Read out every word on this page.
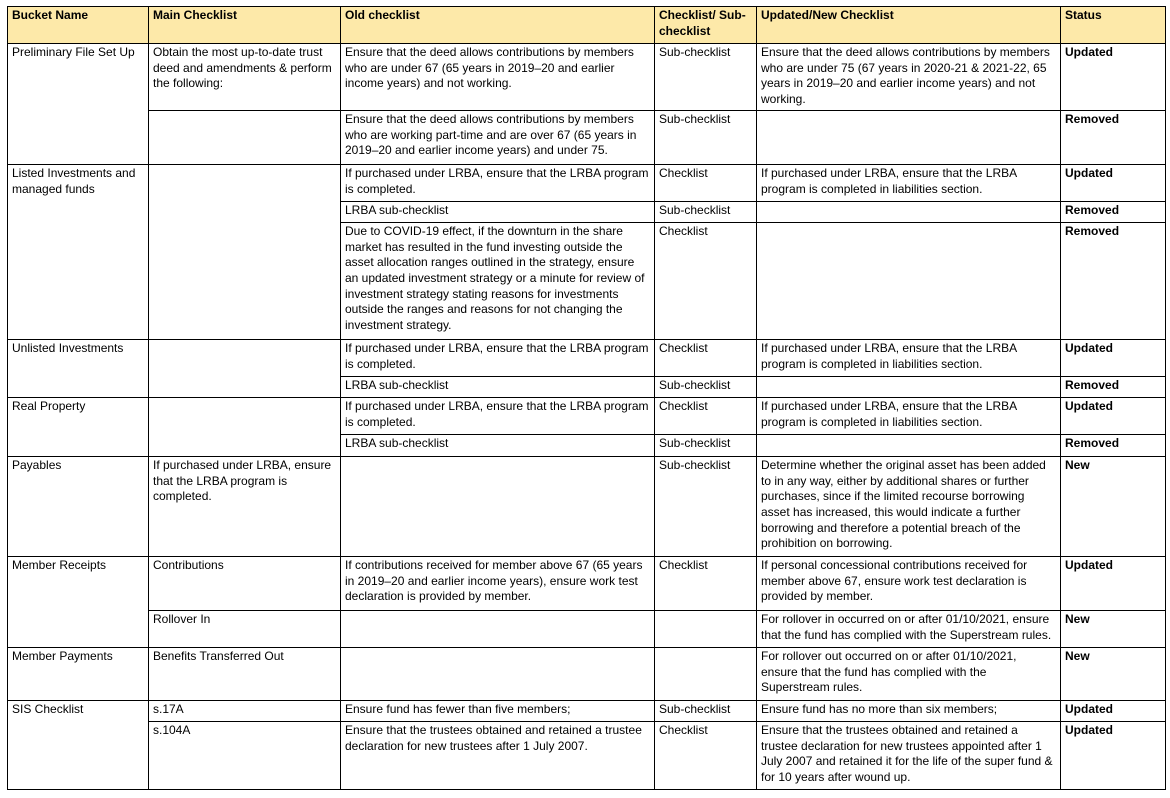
Bucket Name	Main Checklist	Old checklist	Checklist/ Sub-checklist	Updated/New Checklist	Status
Preliminary File Set Up	Obtain the most up-to-date trust deed and amendments & perform the following:	Ensure that the deed allows contributions by members who are under 67 (65 years in 2019–20 and earlier income years) and not working.	Sub-checklist	Ensure that the deed allows contributions by members who are under 75 (67 years in 2020-21 & 2021-22, 65 years in 2019–20 and earlier income years) and not working.	Updated
		Ensure that the deed allows contributions by members who are working part-time and are over 67 (65 years in 2019–20 and earlier income years) and under 75.	Sub-checklist		Removed
Listed Investments and managed funds		If purchased under LRBA, ensure that the LRBA program is completed.	Checklist	If purchased under LRBA, ensure that the LRBA program is completed in liabilities section.	Updated
		LRBA sub-checklist	Sub-checklist		Removed
		Due to COVID-19 effect, if the downturn in the share market has resulted in the fund investing outside the asset allocation ranges outlined in the strategy, ensure an updated investment strategy or a minute for review of investment strategy stating reasons for investments outside the ranges and reasons for not changing the investment strategy.	Checklist		Removed
Unlisted Investments		If purchased under LRBA, ensure that the LRBA program is completed.	Checklist	If purchased under LRBA, ensure that the LRBA program is completed in liabilities section.	Updated
		LRBA sub-checklist	Sub-checklist		Removed
Real Property		If purchased under LRBA, ensure that the LRBA program is completed.	Checklist	If purchased under LRBA, ensure that the LRBA program is completed in liabilities section.	Updated
		LRBA sub-checklist	Sub-checklist		Removed
Payables	If purchased under LRBA, ensure that the LRBA program is completed.		Sub-checklist	Determine whether the original asset has been added to in any way, either by additional shares or further purchases, since if the limited recourse borrowing asset has increased, this would indicate a further borrowing and therefore a potential breach of the prohibition on borrowing.	New
Member Receipts	Contributions	If contributions received for member above 67 (65 years in 2019–20 and earlier income years), ensure work test declaration is provided by member.	Checklist	If personal concessional contributions received for member above 67, ensure work test declaration is provided by member.	Updated
	Rollover In			For rollover in occurred on or after 01/10/2021, ensure that the fund has complied with the Superstream rules.	New
Member Payments	Benefits Transferred Out			For rollover out occurred on or after 01/10/2021, ensure that the fund has complied with the Superstream rules.	New
SIS Checklist	s.17A	Ensure fund has fewer than five members;	Sub-checklist	Ensure fund has no more than six members;	Updated
	s.104A	Ensure that the trustees obtained and retained a trustee declaration for new trustees after 1 July 2007.	Checklist	Ensure that the trustees obtained and retained a trustee declaration for new trustees appointed after 1 July 2007 and retained it for the life of the super fund & for 10 years after wound up.	Updated
